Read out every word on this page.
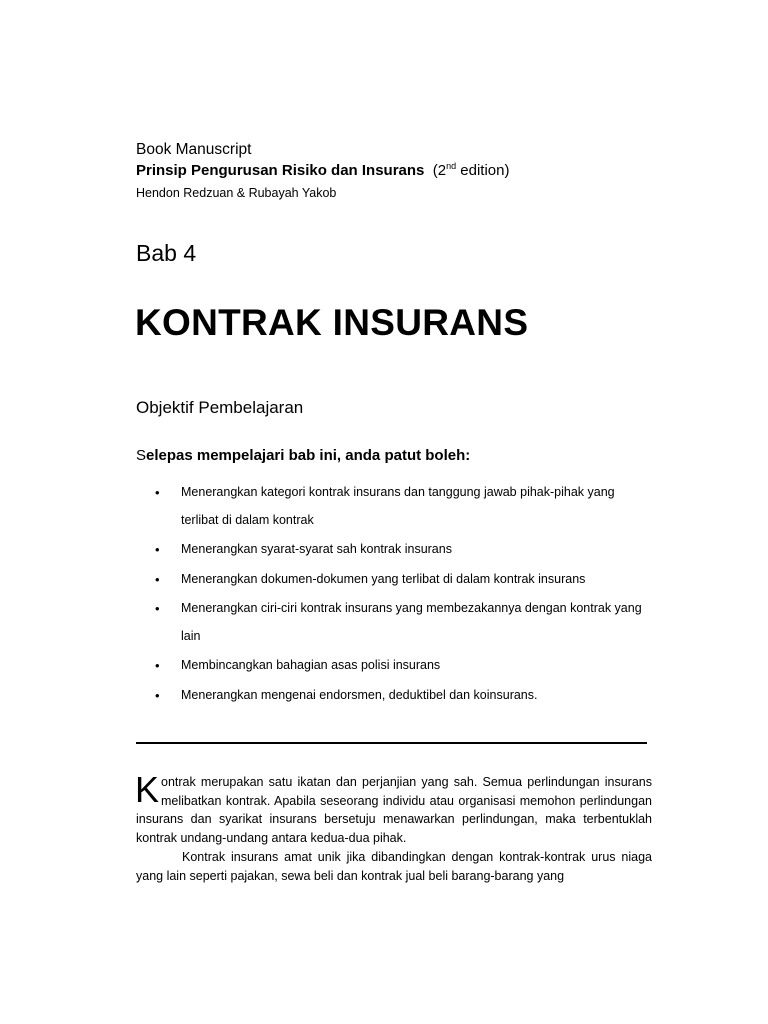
Book Manuscript
Prinsip Pengurusan Risiko dan Insurans (2nd edition)
Hendon Redzuan & Rubayah Yakob
Bab 4
KONTRAK INSURANS
Objektif Pembelajaran
Selepas mempelajari bab ini, anda patut boleh:
• Menerangkan kategori kontrak insurans dan tanggung jawab pihak-pihak yang terlibat di dalam kontrak
• Menerangkan syarat-syarat sah kontrak insurans
• Menerangkan dokumen-dokumen yang terlibat di dalam kontrak insurans
• Menerangkan ciri-ciri kontrak insurans yang membezakannya dengan kontrak yang lain
• Membincangkan bahagian asas polisi insurans
• Menerangkan mengenai endorsmen, deduktibel dan koinsurans.

Kontrak merupakan satu ikatan dan perjanjian yang sah. Semua perlindungan insurans melibatkan kontrak. Apabila seseorang individu atau organisasi memohon perlindungan insurans dan syarikat insurans bersetuju menawarkan perlindungan, maka terbentuklah kontrak undang-undang antara kedua-dua pihak.

Kontrak insurans amat unik jika dibandingkan dengan kontrak-kontrak urus niaga yang lain seperti pajakan, sewa beli dan kontrak jual beli barang-barang yang
